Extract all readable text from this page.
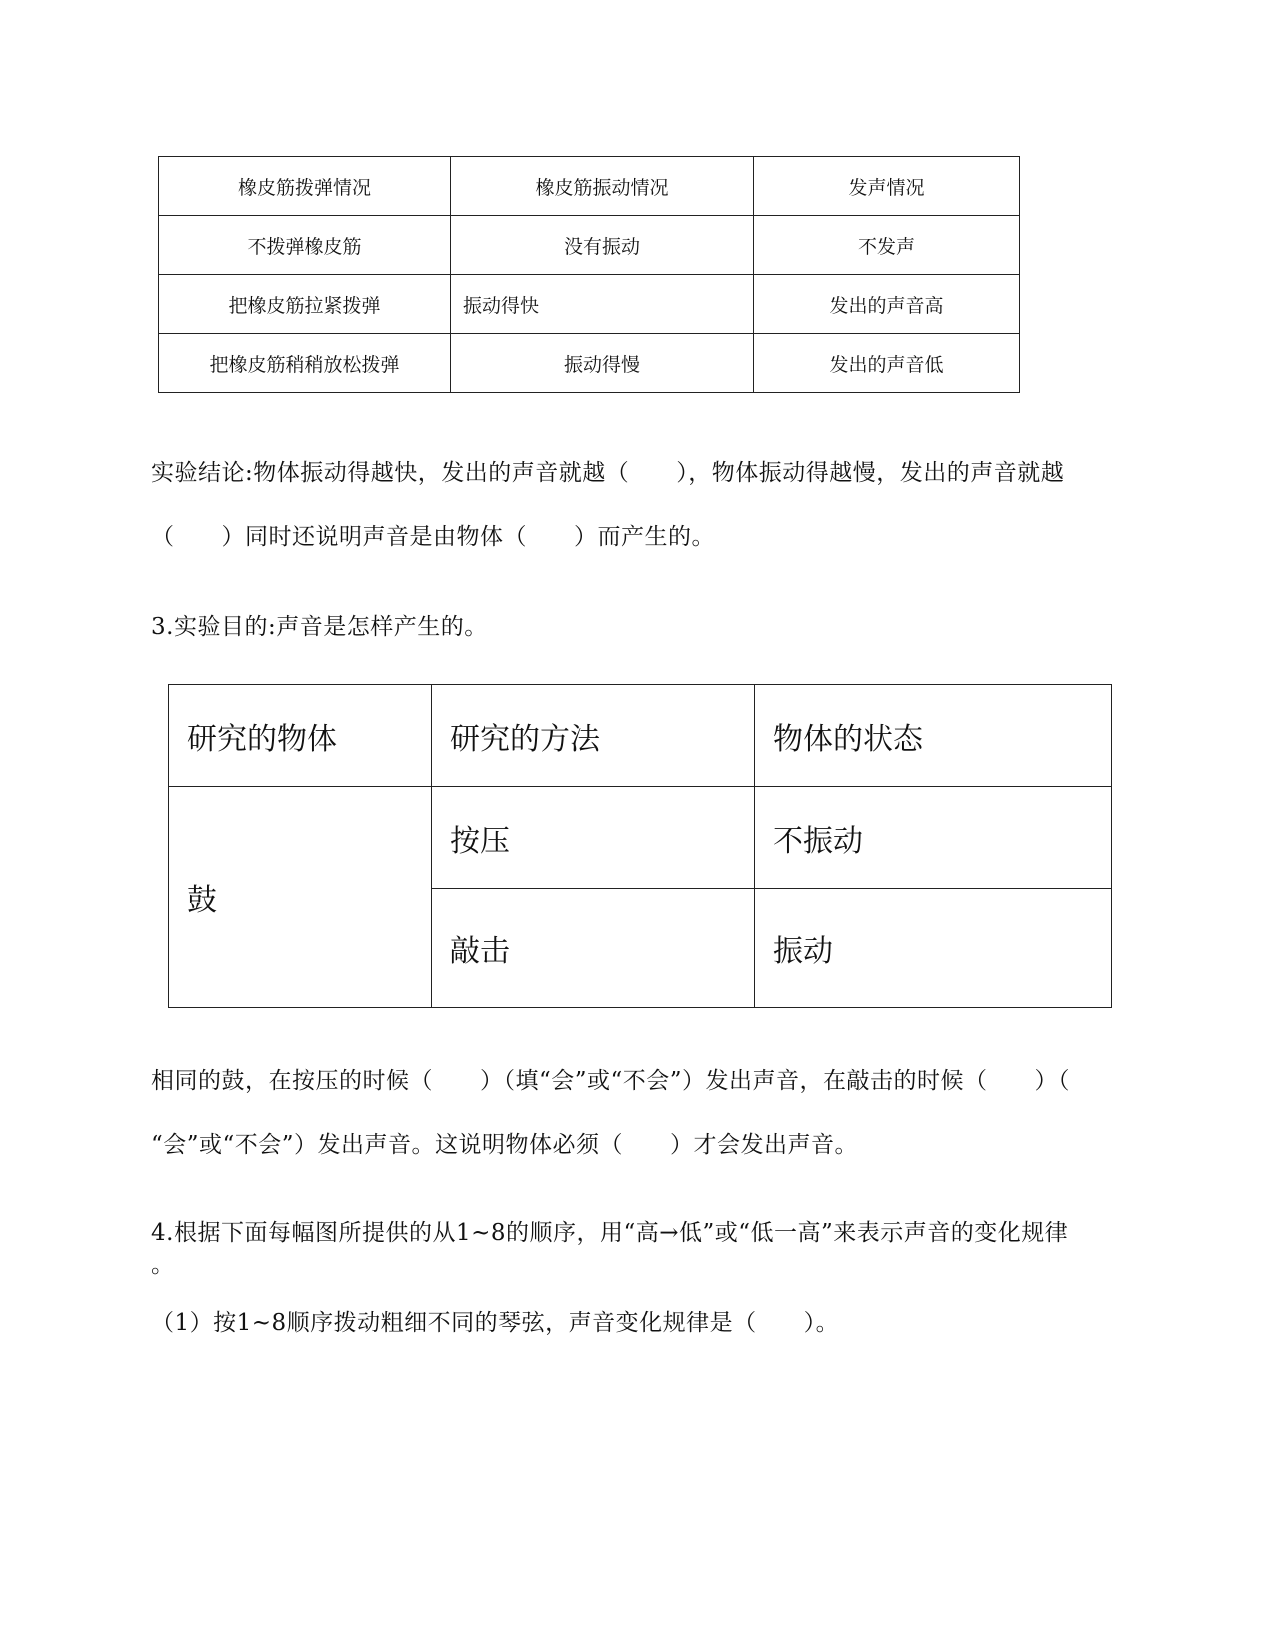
橡皮筋拨弹情况	橡皮筋振动情况	发声情况
不拨弹橡皮筋	没有振动	不发声
把橡皮筋拉紧拨弹	振动得快	发出的声音高
把橡皮筋稍稍放松拨弹	振动得慢	发出的声音低
实验结论:物体振动得越快，发出的声音就越（　　），物体振动得越慢，发出的声音就越
（　　）同时还说明声音是由物体（　　）而产生的。
3.实验目的:声音是怎样产生的。
研究的物体	研究的方法	物体的状态
鼓	按压	不振动
	敲击	振动
相同的鼓，在按压的时候（　　）（填“会”或“不会”）发出声音，在敲击的时候（　　）（
“会”或“不会”）发出声音。这说明物体必须（　　）才会发出声音。
4.根据下面每幅图所提供的从1~8的顺序，用“高→低”或“低一高”来表示声音的变化规律
。
（1）按1~8顺序拨动粗细不同的琴弦，声音变化规律是（　　）。
